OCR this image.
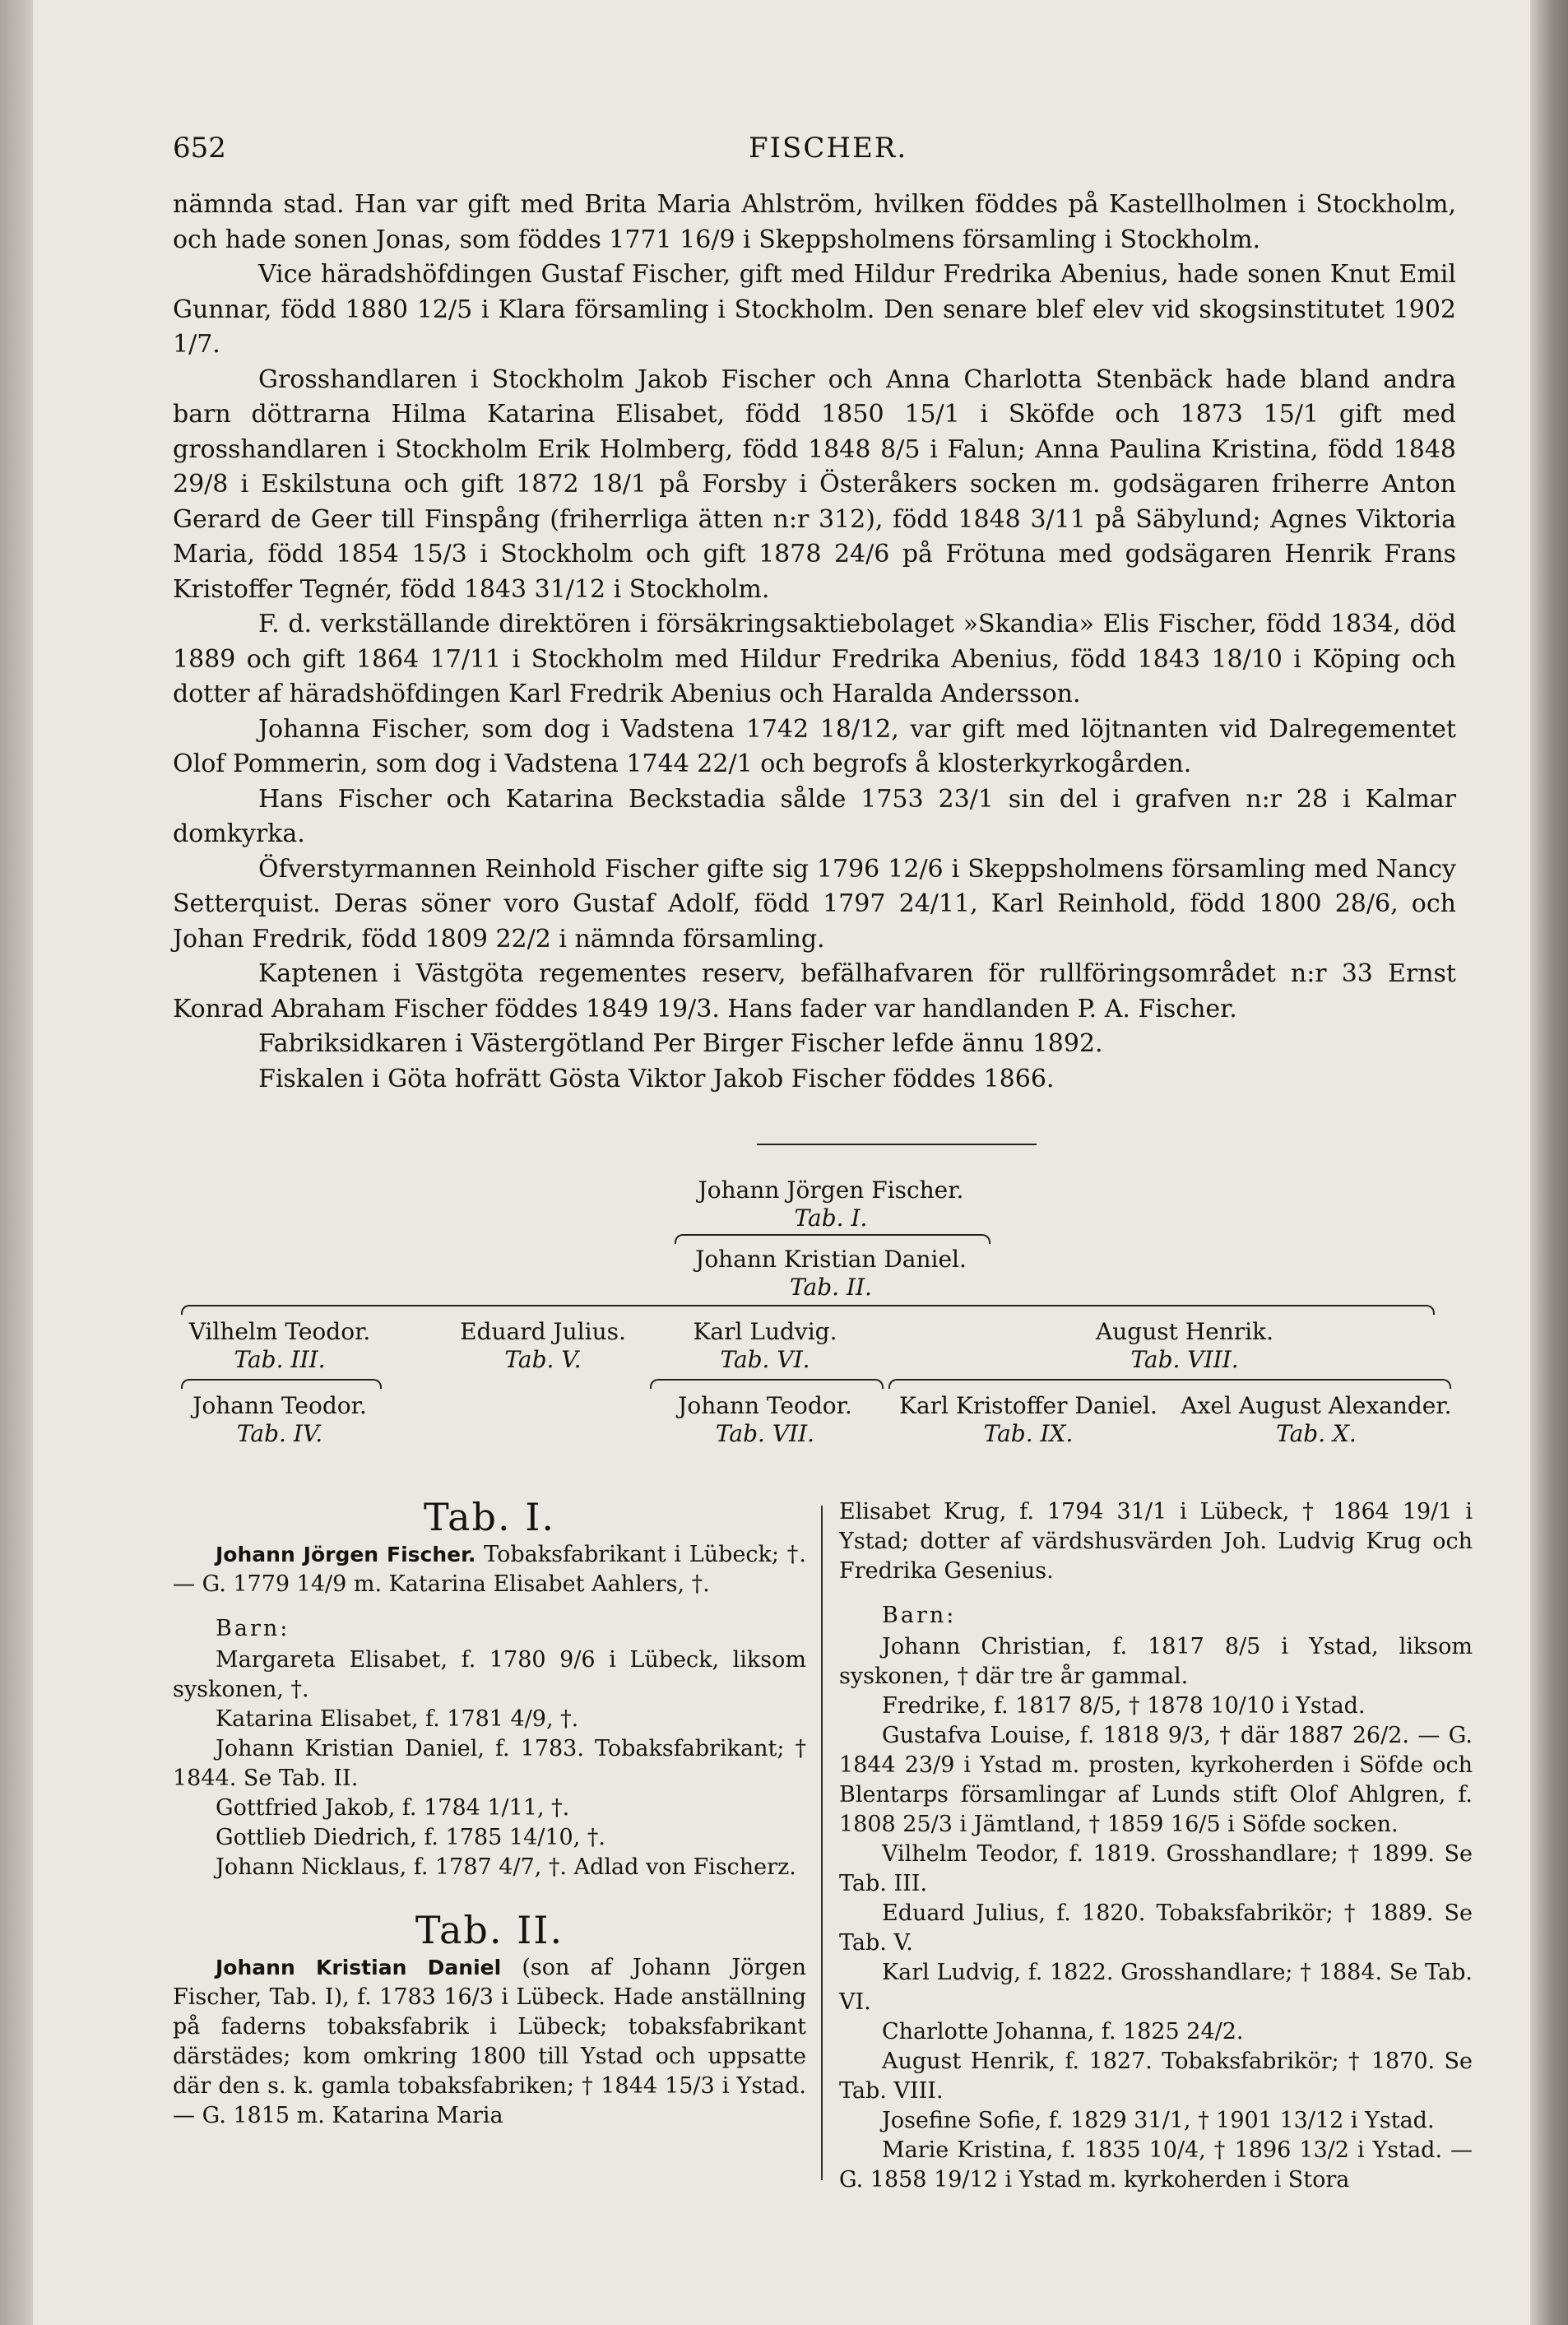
652	FISCHER.

nämnda stad. Han var gift med Brita Maria Ahlström, hvilken föddes på Kastellholmen i Stockholm, och hade sonen Jonas, som föddes 1771 16/9 i Skeppsholmens församling i Stockholm.

Vice häradshöfdingen Gustaf Fischer, gift med Hildur Fredrika Abenius, hade sonen Knut Emil Gunnar, född 1880 12/5 i Klara församling i Stockholm. Den senare blef elev vid skogsinstitutet 1902 1/7.

Grosshandlaren i Stockholm Jakob Fischer och Anna Charlotta Stenbäck hade bland andra barn döttrarna Hilma Katarina Elisabet, född 1850 15/1 i Sköfde och 1873 15/1 gift med grosshandlaren i Stockholm Erik Holmberg, född 1848 8/5 i Falun; Anna Paulina Kristina, född 1848 29/8 i Eskilstuna och gift 1872 18/1 på Forsby i Österåkers socken m. godsägaren friherre Anton Gerard de Geer till Finspång (friherrliga ätten n:r 312), född 1848 3/11 på Säbylund; Agnes Viktoria Maria, född 1854 15/3 i Stockholm och gift 1878 24/6 på Frötuna med godsägaren Henrik Frans Kristoffer Tegnér, född 1843 31/12 i Stockholm.

F. d. verkställande direktören i försäkringsaktiebolaget »Skandia» Elis Fischer, född 1834, död 1889 och gift 1864 17/11 i Stockholm med Hildur Fredrika Abenius, född 1843 18/10 i Köping och dotter af häradshöfdingen Karl Fredrik Abenius och Haralda Andersson.

Johanna Fischer, som dog i Vadstena 1742 18/12, var gift med löjtnanten vid Dalregementet Olof Pommerin, som dog i Vadstena 1744 22/1 och begrofs å klosterkyrkogården.

Hans Fischer och Katarina Beckstadia sålde 1753 23/1 sin del i grafven n:r 28 i Kalmar domkyrka.

Öfverstyrmannen Reinhold Fischer gifte sig 1796 12/6 i Skeppsholmens församling med Nancy Setterquist. Deras söner voro Gustaf Adolf, född 1797 24/11, Karl Reinhold, född 1800 28/6, och Johan Fredrik, född 1809 22/2 i nämnda församling.

Kaptenen i Västgöta regementes reserv, befälhafvaren för rullföringsområdet n:r 33 Ernst Konrad Abraham Fischer föddes 1849 19/3. Hans fader var handlanden P. A. Fischer.

Fabriksidkaren i Västergötland Per Birger Fischer lefde ännu 1892.

Fiskalen i Göta hofrätt Gösta Viktor Jakob Fischer föddes 1866.

Johann Jörgen Fischer.
Tab. I.
Johann Kristian Daniel.
Tab. II.
Vilhelm Teodor.
Tab. III.
Eduard Julius.
Tab. V.
Karl Ludvig.
Tab. VI.
August Henrik.
Tab. VIII.
Johann Teodor.
Tab. IV.
Johann Teodor.
Tab. VII.
Karl Kristoffer Daniel.
Tab. IX.
Axel August Alexander.
Tab. X.
Tab. I.

Johann Jörgen Fischer. Tobaksfabrikant i Lübeck; †. — G. 1779 14/9 m. Katarina Elisabet Aahlers, †.

Barn:

Margareta Elisabet, f. 1780 9/6 i Lübeck, liksom syskonen, †.

Katarina Elisabet, f. 1781 4/9, †.

Johann Kristian Daniel, f. 1783. Tobaksfabrikant; † 1844. Se Tab. II.

Gottfried Jakob, f. 1784 1/11, †.

Gottlieb Diedrich, f. 1785 14/10, †.

Johann Nicklaus, f. 1787 4/7, †. Adlad von Fischerz.

Tab. II.

Johann Kristian Daniel (son af Johann Jörgen Fischer, Tab. I), f. 1783 16/3 i Lübeck. Hade anställning på faderns tobaksfabrik i Lübeck; tobaksfabrikant därstädes; kom omkring 1800 till Ystad och uppsatte där den s. k. gamla tobaksfabriken; † 1844 15/3 i Ystad. — G. 1815 m. Katarina Maria

Elisabet Krug, f. 1794 31/1 i Lübeck, † 1864 19/1 i Ystad; dotter af värdshusvärden Joh. Ludvig Krug och Fredrika Gesenius.

Barn:

Johann Christian, f. 1817 8/5 i Ystad, liksom syskonen, † där tre år gammal.

Fredrike, f. 1817 8/5, † 1878 10/10 i Ystad.

Gustafva Louise, f. 1818 9/3, † där 1887 26/2. — G. 1844 23/9 i Ystad m. prosten, kyrkoherden i Söfde och Blentarps församlingar af Lunds stift Olof Ahlgren, f. 1808 25/3 i Jämtland, † 1859 16/5 i Söfde socken.

Vilhelm Teodor, f. 1819. Grosshandlare; † 1899. Se Tab. III.

Eduard Julius, f. 1820. Tobaksfabrikör; † 1889. Se Tab. V.

Karl Ludvig, f. 1822. Grosshandlare; † 1884. Se Tab. VI.

Charlotte Johanna, f. 1825 24/2.

August Henrik, f. 1827. Tobaksfabrikör; † 1870. Se Tab. VIII.

Josefine Sofie, f. 1829 31/1, † 1901 13/12 i Ystad.

Marie Kristina, f. 1835 10/4, † 1896 13/2 i Ystad. — G. 1858 19/12 i Ystad m. kyrkoherden i Stora
